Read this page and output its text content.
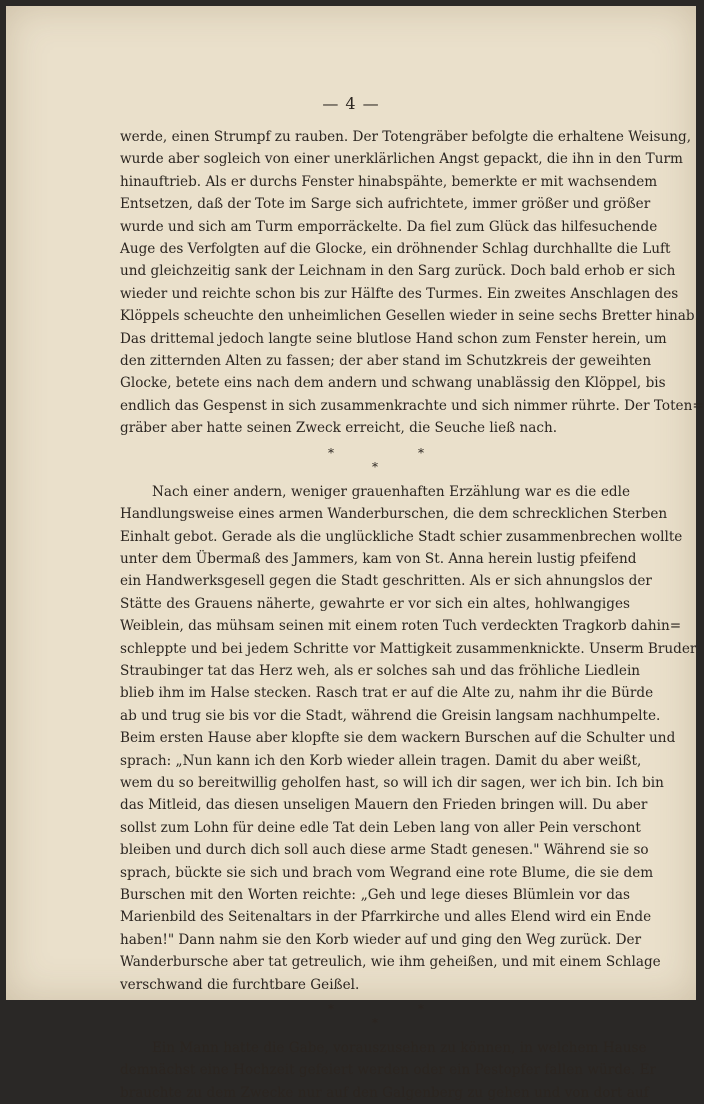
— 4 —

werde, einen Strumpf zu rauben. Der Totengräber befolgte die erhaltene Weisung,

wurde aber sogleich von einer unerklärlichen Angst gepackt, die ihn in den Turm

hinauftrieb. Als er durchs Fenster hinabspähte, bemerkte er mit wachsendem

Entsetzen, daß der Tote im Sarge sich aufrichtete, immer größer und größer

wurde und sich am Turm emporräckelte. Da fiel zum Glück das hilfesuchende

Auge des Verfolgten auf die Glocke, ein dröhnender Schlag durchhallte die Luft

und gleichzeitig sank der Leichnam in den Sarg zurück. Doch bald erhob er sich

wieder und reichte schon bis zur Hälfte des Turmes. Ein zweites Anschlagen des

Klöppels scheuchte den unheimlichen Gesellen wieder in seine sechs Bretter hinab.

Das drittemal jedoch langte seine blutlose Hand schon zum Fenster herein, um

den zitternden Alten zu fassen; der aber stand im Schutzkreis der geweihten

Glocke, betete eins nach dem andern und schwang unablässig den Klöppel, bis

endlich das Gespenst in sich zusammenkrachte und sich nimmer rührte. Der Toten=

gräber aber hatte seinen Zweck erreicht, die Seuche ließ nach.

*	*
*

Nach einer andern, weniger grauenhaften Erzählung war es die edle

Handlungsweise eines armen Wanderburschen, die dem schrecklichen Sterben

Einhalt gebot. Gerade als die unglückliche Stadt schier zusammenbrechen wollte

unter dem Übermaß des Jammers, kam von St. Anna herein lustig pfeifend

ein Handwerksgesell gegen die Stadt geschritten. Als er sich ahnungslos der

Stätte des Grauens näherte, gewahrte er vor sich ein altes, hohlwangiges

Weiblein, das mühsam seinen mit einem roten Tuch verdeckten Tragkorb dahin=

schleppte und bei jedem Schritte vor Mattigkeit zusammenknickte. Unserm Bruder

Straubinger tat das Herz weh, als er solches sah und das fröhliche Liedlein

blieb ihm im Halse stecken. Rasch trat er auf die Alte zu, nahm ihr die Bürde

ab und trug sie bis vor die Stadt, während die Greisin langsam nachhumpelte.

Beim ersten Hause aber klopfte sie dem wackern Burschen auf die Schulter und

sprach: „Nun kann ich den Korb wieder allein tragen. Damit du aber weißt,

wem du so bereitwillig geholfen hast, so will ich dir sagen, wer ich bin. Ich bin

das Mitleid, das diesen unseligen Mauern den Frieden bringen will. Du aber

sollst zum Lohn für deine edle Tat dein Leben lang von aller Pein verschont

bleiben und durch dich soll auch diese arme Stadt genesen." Während sie so

sprach, bückte sie sich und brach vom Wegrand eine rote Blume, die sie dem

Burschen mit den Worten reichte: „Geh und lege dieses Blümlein vor das

Marienbild des Seitenaltars in der Pfarrkirche und alles Elend wird ein Ende

haben!" Dann nahm sie den Korb wieder auf und ging den Weg zurück. Der

Wanderbursche aber tat getreulich, wie ihm geheißen, und mit einem Schlage

verschwand die furchtbare Geißel.

*	*
*

Ein Mann hatte die Gabe, vorauszusehen zu können, in welchem Hause

demnächst eine Hochzeit gefeiert werden oder ein Pestopfer fallen würde. Er

brauchte zu dem Zwecke nur auf den Galgenberg zu gehen und von dort auf
